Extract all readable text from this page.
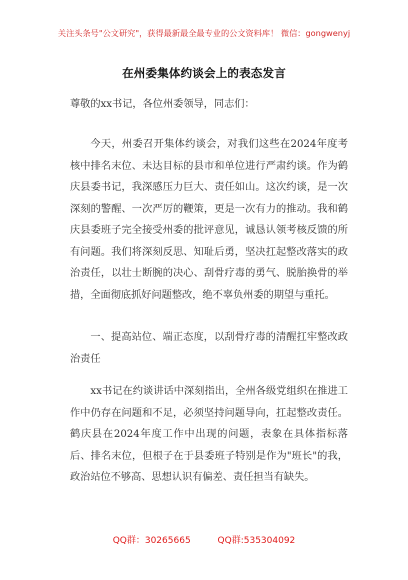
关注头条号"公文研究"，获得最新最全最专业的公文资料库！ 微信：gongwenyj
在州委集体约谈会上的表态发言

尊敬的xx书记，各位州委领导，同志们：

今天，州委召开集体约谈会，对我们这些在2024年度考核中排名末位、未达目标的县市和单位进行严肃约谈。作为鹤庆县委书记，我深感压力巨大、责任如山。这次约谈，是一次深刻的警醒、一次严厉的鞭策，更是一次有力的推动。我和鹤庆县委班子完全接受州委的批评意见，诚恳认领考核反馈的所有问题。我们将深刻反思、知耻后勇，坚决扛起整改落实的政治责任，以壮士断腕的决心、刮骨疗毒的勇气、脱胎换骨的举措，全面彻底抓好问题整改，绝不辜负州委的期望与重托。

一、提高站位、端正态度，以刮骨疗毒的清醒扛牢整改政治责任

xx书记在约谈讲话中深刻指出，全州各级党组织在推进工作中仍存在问题和不足，必须坚持问题导向，扛起整改责任。鹤庆县在2024年度工作中出现的问题，表象在具体指标落后、排名末位，但根子在于县委班子特别是作为"班长"的我，政治站位不够高、思想认识有偏差、责任担当有缺失。

QQ群：30265665	QQ群:535304092
